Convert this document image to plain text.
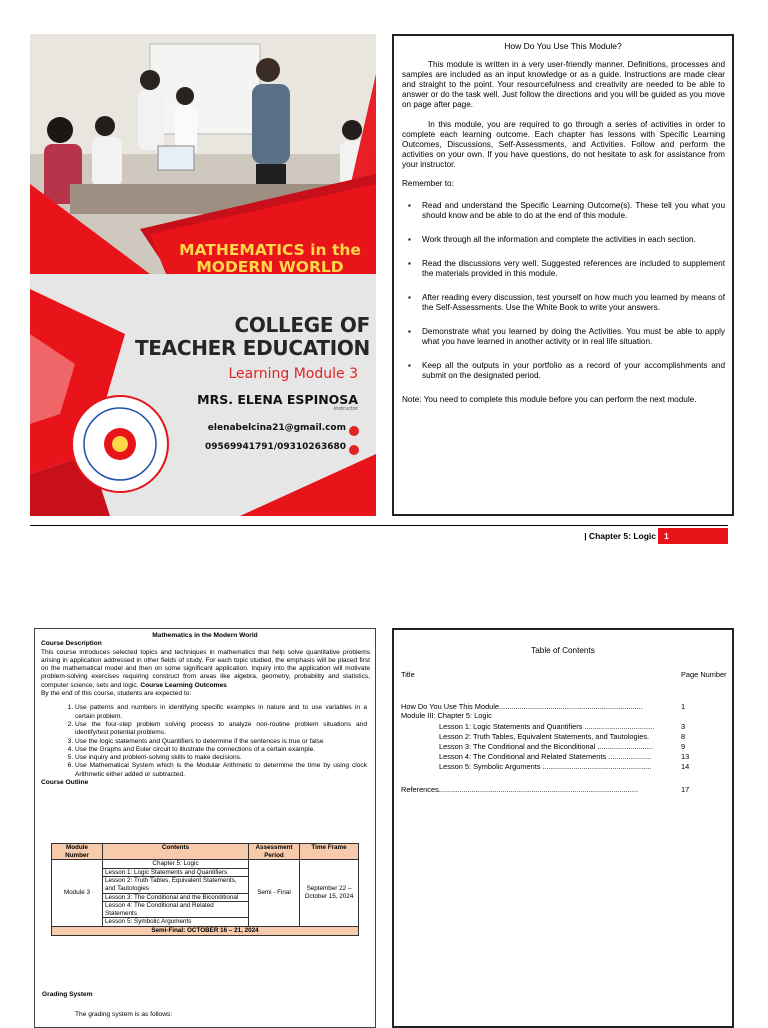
MATHEMATICS in the
MODERN WORLD
COLLEGE OF
TEACHER EDUCATION
Learning Module 3
MRS. ELENA ESPINOSA
Instructor
elenabelcina21@gmail.com
09569941791/09310263680
How Do You Use This Module?
This module is written in a very user-friendly manner. Definitions, processes and samples are included as an input knowledge or as a guide. Instructions are made clear and straight to the point. Your resourcefulness and creativity are needed to be able to answer or do the task well. Just follow the directions and you will be guided as you move on page after page.
In this module, you are required to go through a series of activities in order to complete each learning outcome. Each chapter has lessons with Specific Learning Outcomes, Discussions, Self-Assessments, and Activities. Follow and perform the activities on your own. If you have questions, do not hesitate to ask for assistance from your instructor.
Remember to:
▪ Read and understand the Specific Learning Outcome(s). These tell you what you should know and be able to do at the end of this module.
▪ Work through all the information and complete the activities in each section.
▪ Read the discussions very well. Suggested references are included to supplement the materials provided in this module.
▪ After reading every discussion, test yourself on how much you learned by means of the Self-Assessments. Use the White Book to write your answers.
▪ Demonstrate what you learned by doing the Activities. You must be able to apply what you have learned in another activity or in real life situation.
▪ Keep all the outputs in your portfolio as a record of your accomplishments and submit on the designated period.
Note: You need to complete this module before you can perform the next module.
| Chapter 5: Logic 1
Mathematics in the Modern World
Course Description
This course introduces selected topics and techniques in mathematics that help solve quantitative problems arising in application addressed in other fields of study. For each topic studied, the emphasis will be placed first on the mathematical model and then on some significant application. Inquiry into the application will motivate problem-solving exercises requiring construct from areas like algebra, geometry, probability and statistics, computer science, sets and logic. Course Learning Outcomes
By the end of this course, students are expected to:
1. Use patterns and numbers in identifying specific examples in nature and to use variables in a certain problem.
2. Use the four-step problem solving process to analyze non-routine problem situations and identify/test potential problems.
3. Use the logic statements and Quantifiers to determine if the sentences is true or false
4. Use the Graphs and Euler circuit to illustrate the connections of a certain example.
5. Use inquiry and problem-solving skills to make decisions.
6. Use Mathematical System which is the Modular Arithmetic to determine the time by using clock Arithmetic either added or subtracted.
Course Outline
Module Number	Contents	Assessment Period	Time Frame
Module 3	Chapter 5: Logic	Semi - Final	September 22 – October 15, 2024
	Lesson 1: Logic Statements and Quantifiers		
	Lesson 2: Truth Tables, Equivalent Statements, and Tautologies		
	Lesson 3: The Conditional and the Biconditional		
	Lesson 4: The Conditional and Related Statements		
	Lesson 5: Symbolic Arguments		
Semi-Final: OCTOBER 16 – 21, 2024			
Grading System
The grading system is as follows:
Table of Contents
Title	Page Number
How Do You Use This Module......................................................................	1
Module III: Chapter 5: Logic
Lesson 1: Logic Statements and Quantifiers ..................................	3
Lesson 2: Truth Tables, Equivalent Statements, and Tautologies.	8
Lesson 3: The Conditional and the Biconditional ...........................	9
Lesson 4: The Conditional and Related Statements .....................	13
Lesson 5: Symbolic Arguments .....................................................	14
References.................................................................................................	17
